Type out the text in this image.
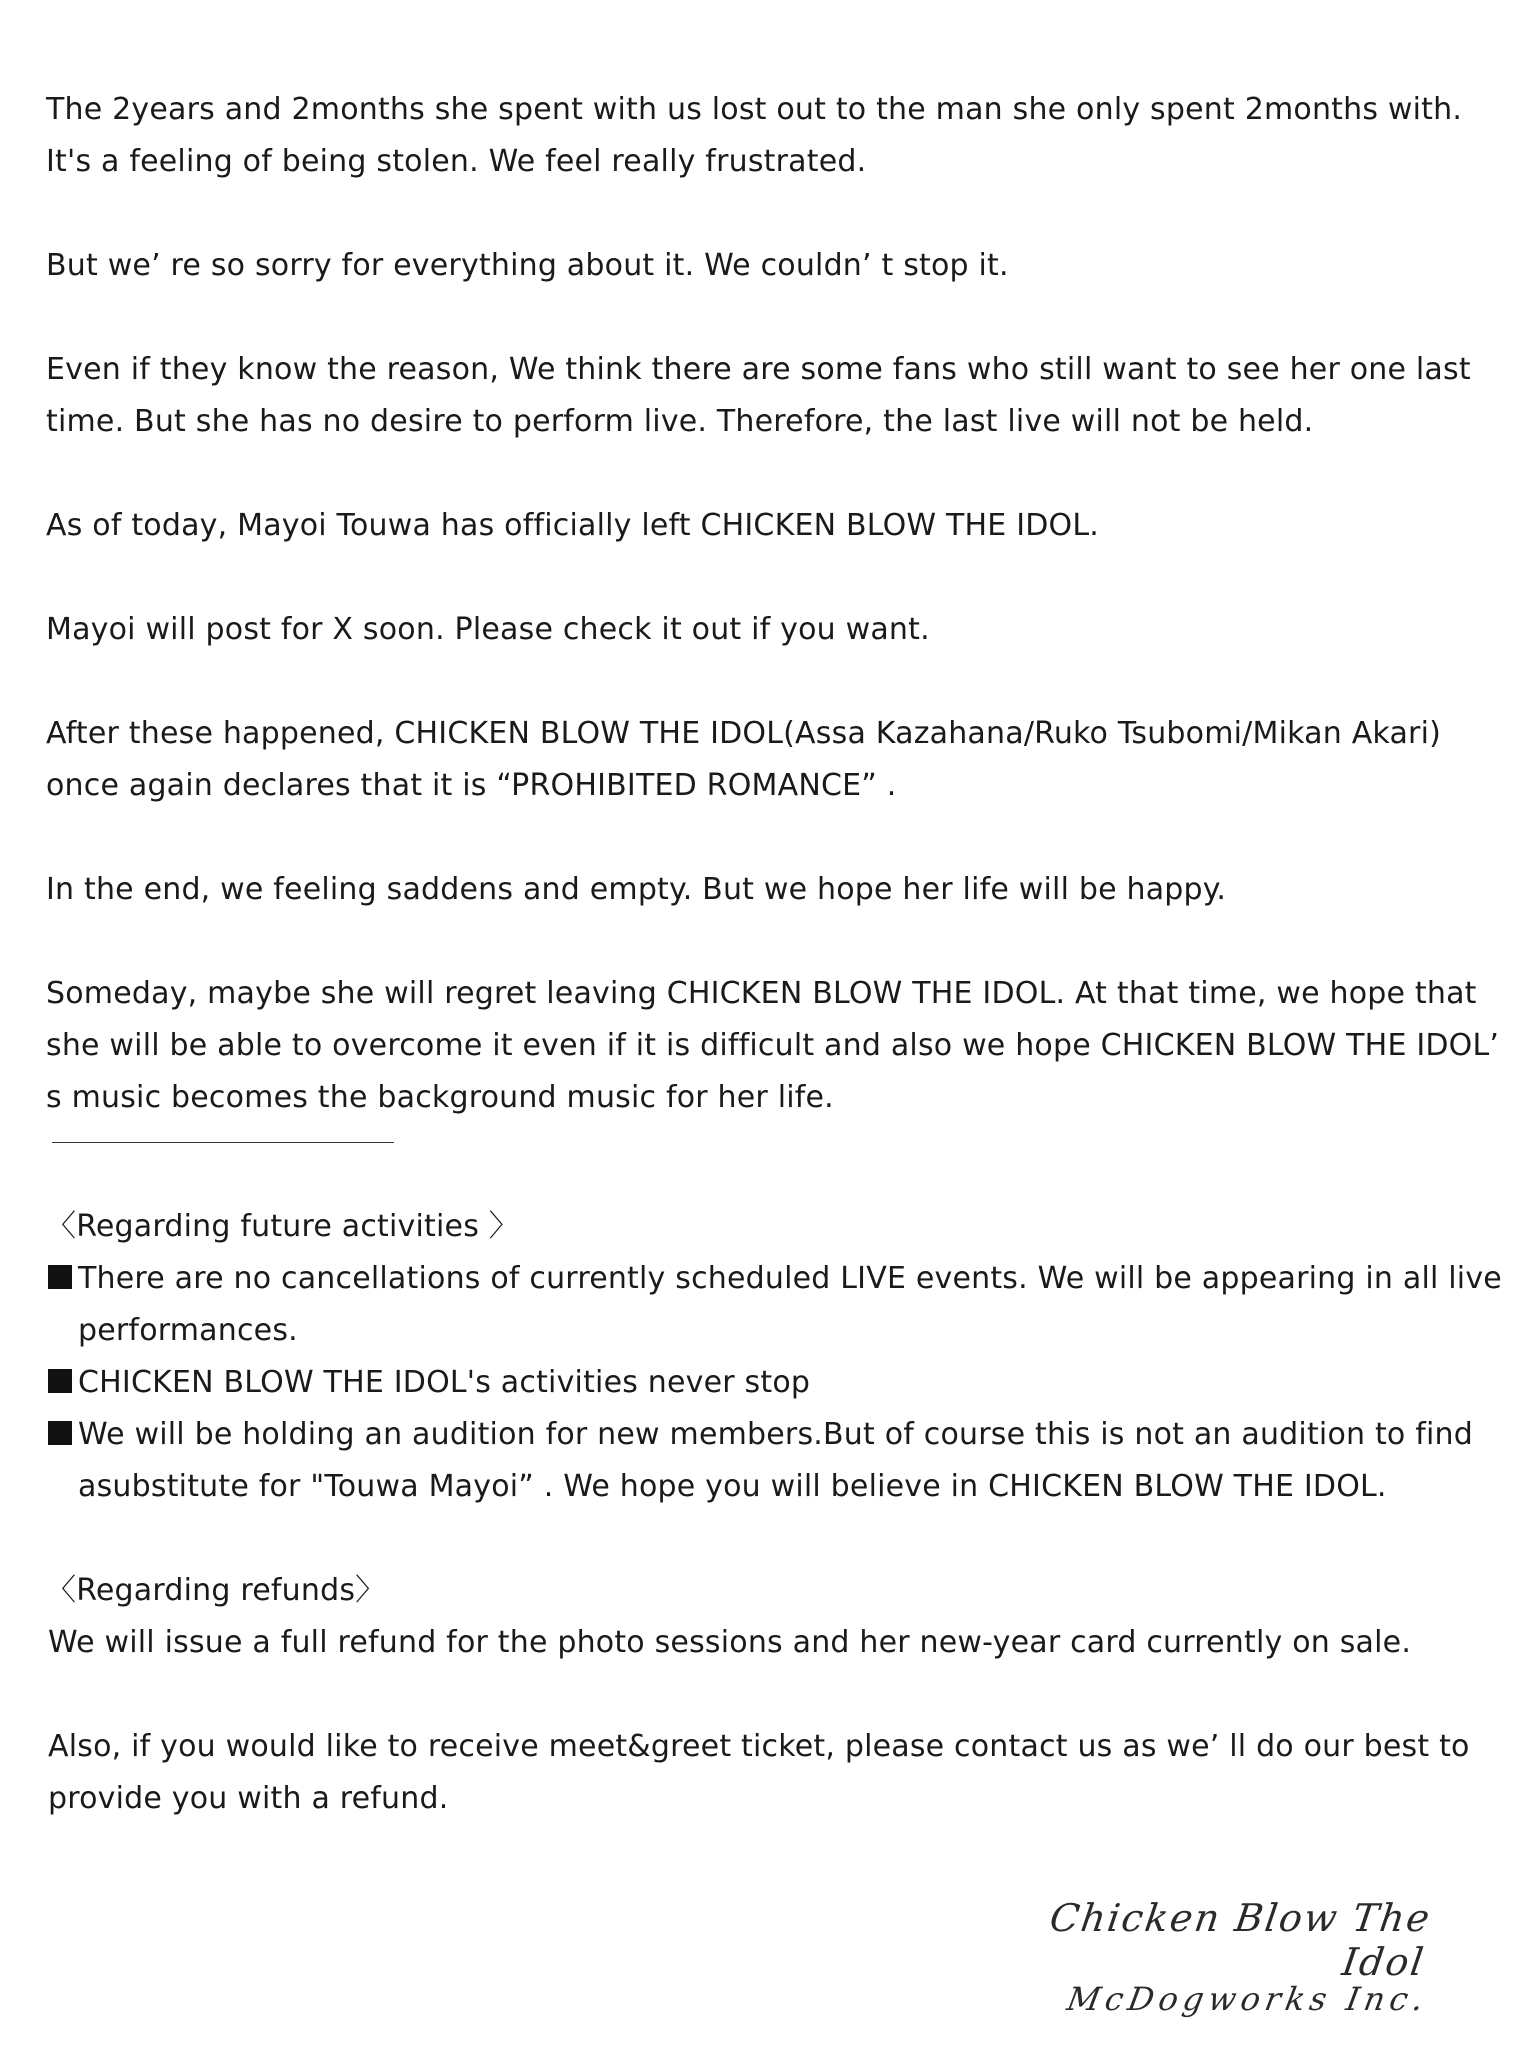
The 2years and 2months she spent with us lost out to the man she only spent 2months with. It's a feeling of being stolen. We feel really frustrated.

But we’ re so sorry for everything about it. We couldn’ t stop it.

Even if they know the reason, We think there are some fans who still want to see her one last time. But she has no desire to perform live. Therefore, the last live will not be held.

As of today, Mayoi Touwa has officially left CHICKEN BLOW THE IDOL.

Mayoi will post for X soon. Please check it out if you want.

After these happened, CHICKEN BLOW THE IDOL(Assa Kazahana/Ruko Tsubomi/Mikan Akari) once again declares that it is “PROHIBITED ROMANCE” .

In the end, we feeling saddens and empty. But we hope her life will be happy.

Someday, maybe she will regret leaving CHICKEN BLOW THE IDOL. At that time, we hope that she will be able to overcome it even if it is difficult and also we hope CHICKEN BLOW THE IDOL’ s music becomes the background music for her life.

〈Regarding future activities 〉

There are no cancellations of currently scheduled LIVE events. We will be appearing in all live performances.
CHICKEN BLOW THE IDOL's activities never stop
We will be holding an audition for new members.But of course this is not an audition to find asubstitute for "Touwa Mayoi” . We hope you will believe in CHICKEN BLOW THE IDOL.

〈Regarding refunds〉

We will issue a full refund for the photo sessions and her new-year card currently on sale.

Also, if you would like to receive meet&greet ticket, please contact us as we’ ll do our best to provide you with a refund.

Chicken Blow The Idol
McDogworks Inc.
